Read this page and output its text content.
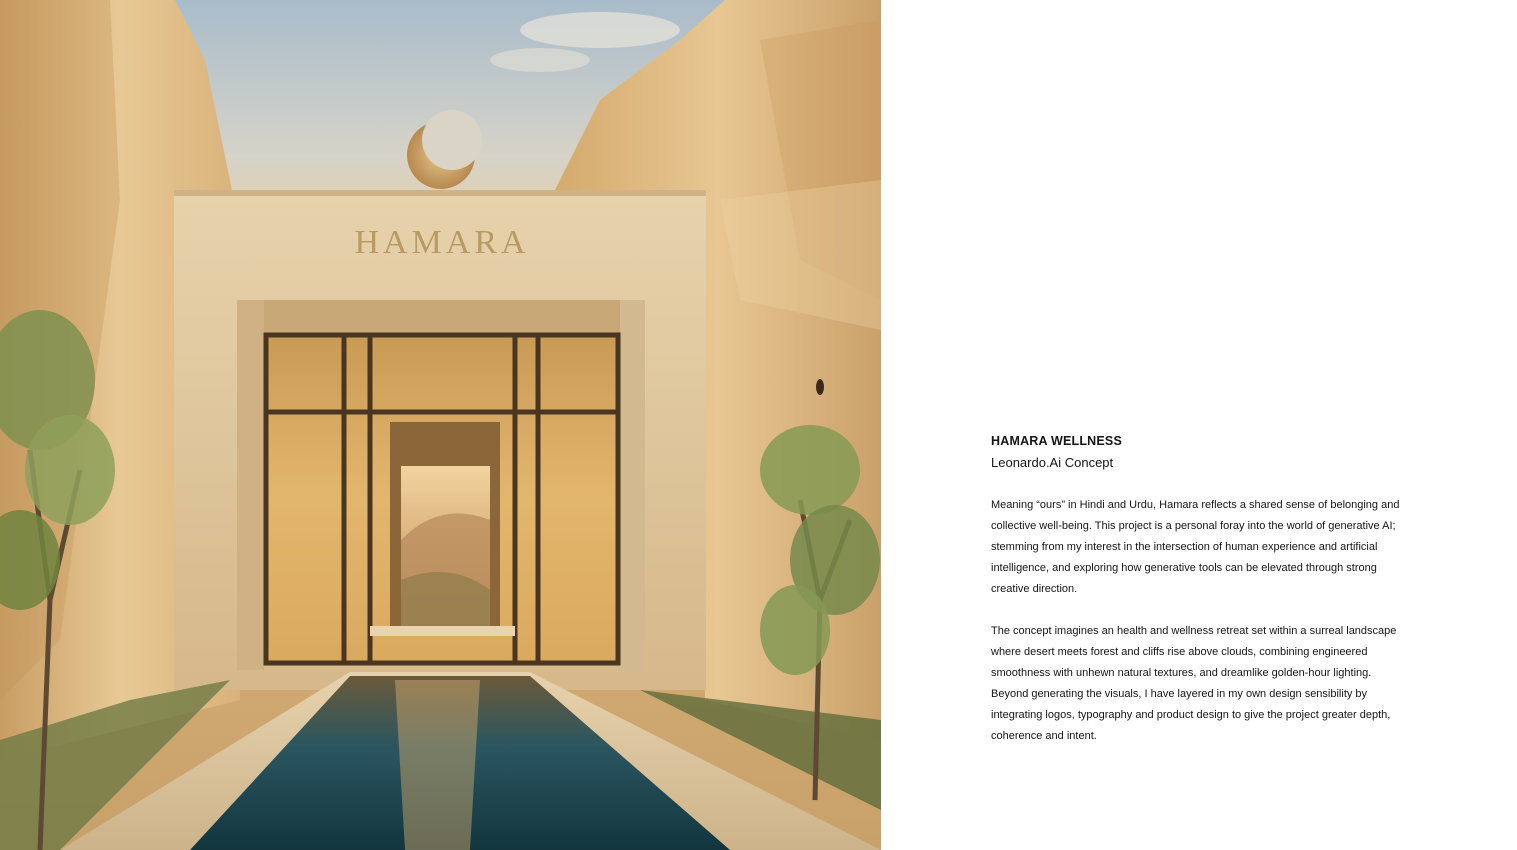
HAMARA

HAMARA WELLNESS

Leonardo.Ai Concept

Meaning “ours” in Hindi and Urdu, Hamara reflects a shared sense of belonging and collective well-being. This project is a personal foray into the world of generative AI; stemming from my interest in the intersection of human experience and artificial intelligence, and exploring how generative tools can be elevated through strong creative direction.

The concept imagines an health and wellness retreat set within a surreal landscape where desert meets forest and cliffs rise above clouds, combining engineered smoothness with unhewn natural textures, and dreamlike golden-hour lighting. Beyond generating the visuals, I have layered in my own design sensibility by integrating logos, typography and product design to give the project greater depth, coherence and intent.
